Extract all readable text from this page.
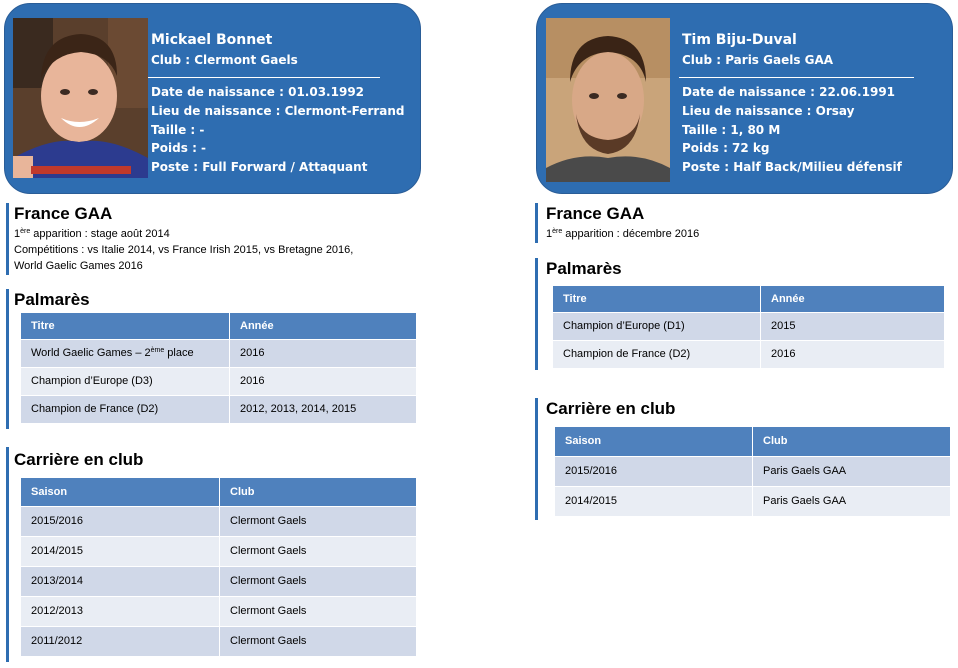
Mickael Bonnet
Club : Clermont Gaels
Date de naissance : 01.03.1992
Lieu de naissance : Clermont-Ferrand
Taille : -
Poids : -
Poste : Full Forward / Attaquant
France GAA
1ère apparition : stage août 2014
Compétitions : vs Italie 2014, vs France Irish 2015, vs Bretagne 2016,
World Gaelic Games 2016
Palmarès
Titre	Année
World Gaelic Games – 2ème place	2016
Champion d’Europe (D3)	2016
Champion de France (D2)	2012, 2013, 2014, 2015
Carrière en club
Saison	Club
2015/2016	Clermont Gaels
2014/2015	Clermont Gaels
2013/2014	Clermont Gaels
2012/2013	Clermont Gaels
2011/2012	Clermont Gaels
Tim Biju-Duval
Club : Paris Gaels GAA
Date de naissance : 22.06.1991
Lieu de naissance : Orsay
Taille : 1, 80 M
Poids : 72 kg
Poste : Half Back/Milieu défensif
France GAA
1ère apparition : décembre 2016
Palmarès
Titre	Année
Champion d’Europe (D1)	2015
Champion de France (D2)	2016
Carrière en club
Saison	Club
2015/2016	Paris Gaels GAA
2014/2015	Paris Gaels GAA
